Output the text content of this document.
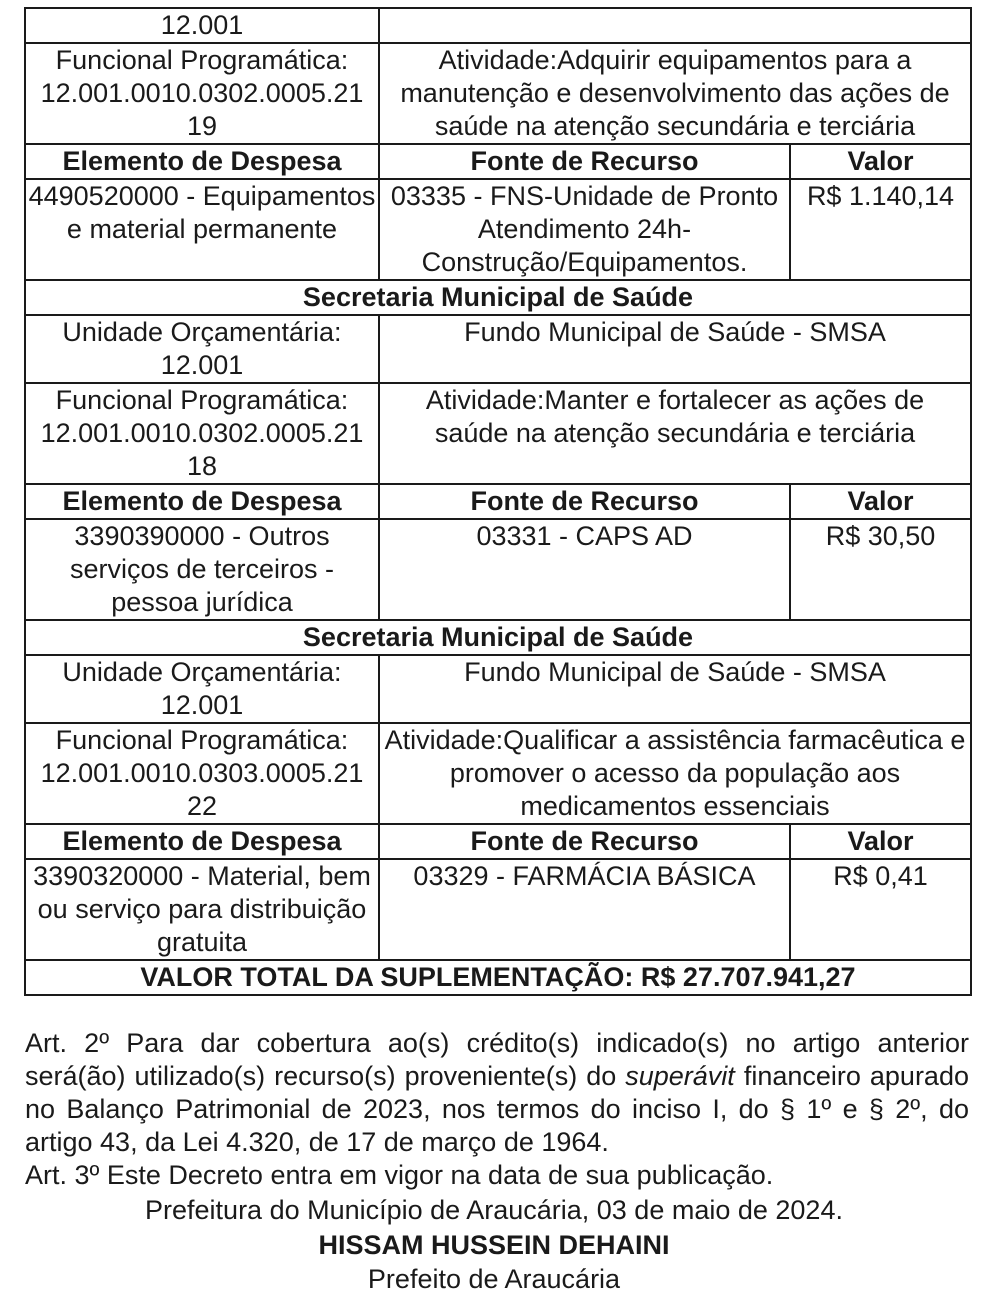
12.001		

Funcional Programática:
12.001.0010.0302.0005.21
19	Atividade:Adquirir equipamentos para a manutenção e desenvolvimento das ações de saúde na atenção secundária e terciária	
Elemento de Despesa	Fonte de Recurso	Valor
4490520000 - Equipamentos e material permanente	03335 - FNS-Unidade de Pronto Atendimento 24h-Construção/Equipamentos.	R$ 1.140,14
Secretaria Municipal de Saúde		

Unidade Orçamentária:
12.001	Fundo Municipal de Saúde - SMSA	

Funcional Programática:
12.001.0010.0302.0005.21
18	Atividade:Manter e fortalecer as ações de saúde na atenção secundária e terciária	
Elemento de Despesa	Fonte de Recurso	Valor
3390390000 - Outros serviços de terceiros - pessoa jurídica	03331 - CAPS AD	R$ 30,50
Secretaria Municipal de Saúde		

Unidade Orçamentária:
12.001	Fundo Municipal de Saúde - SMSA	

Funcional Programática:
12.001.0010.0303.0005.21
22	Atividade:Qualificar a assistência farmacêutica e promover o acesso da população aos medicamentos essenciais	
Elemento de Despesa	Fonte de Recurso	Valor
3390320000 - Material, bem ou serviço para distribuição gratuita	03329 - FARMÁCIA BÁSICA	R$ 0,41
VALOR TOTAL DA SUPLEMENTAÇÃO: R$ 27.707.941,27		

Art. 2º Para dar cobertura ao(s) crédito(s) indicado(s) no artigo anterior será(ão) utilizado(s) recurso(s) proveniente(s) do superávit financeiro apurado no Balanço Patrimonial de 2023, nos termos do inciso I, do § 1º e § 2º, do artigo 43, da Lei 4.320, de 17 de março de 1964.

Art. 3º Este Decreto entra em vigor na data de sua publicação.

Prefeitura do Município de Araucária, 03 de maio de 2024.
HISSAM HUSSEIN DEHAINI
Prefeito de Araucária
